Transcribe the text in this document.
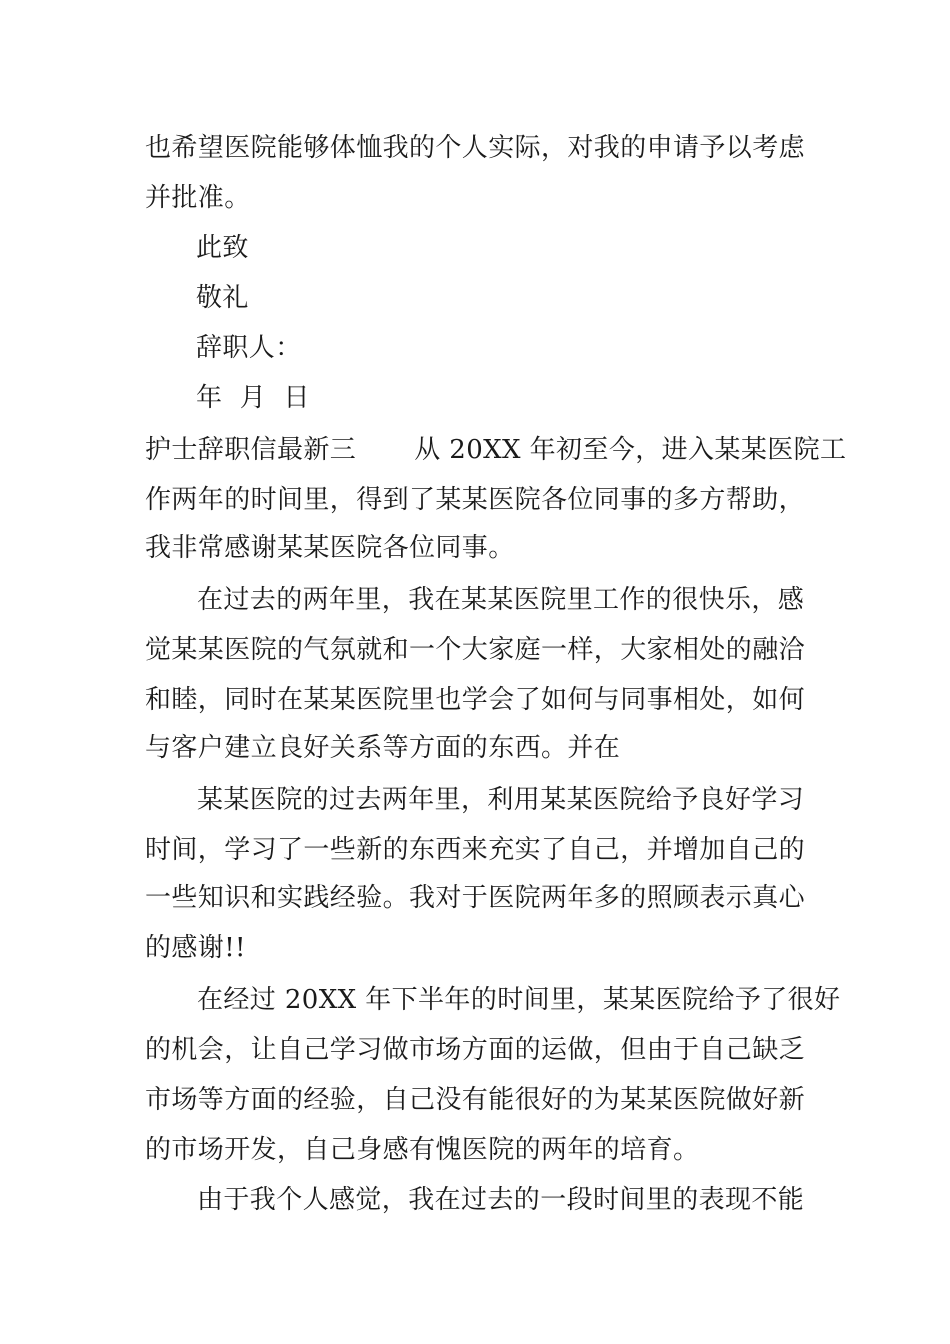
也希望医院能够体恤我的个人实际，对我的申请予以考虑
并批准。
此致
敬礼
辞职人：
年  月  日
护士辞职信最新三 从 20XX 年初至今，进入某某医院工
作两年的时间里，得到了某某医院各位同事的多方帮助，
我非常感谢某某医院各位同事。
在过去的两年里，我在某某医院里工作的很快乐，感
觉某某医院的气氛就和一个大家庭一样，大家相处的融洽
和睦，同时在某某医院里也学会了如何与同事相处，如何
与客户建立良好关系等方面的东西。并在
某某医院的过去两年里，利用某某医院给予良好学习
时间，学习了一些新的东西来充实了自己，并增加自己的
一些知识和实践经验。我对于医院两年多的照顾表示真心
的感谢!!
在经过 20XX 年下半年的时间里，某某医院给予了很好
的机会，让自己学习做市场方面的运做，但由于自己缺乏
市场等方面的经验，自己没有能很好的为某某医院做好新
的市场开发，自己身感有愧医院的两年的培育。
由于我个人感觉，我在过去的一段时间里的表现不能
